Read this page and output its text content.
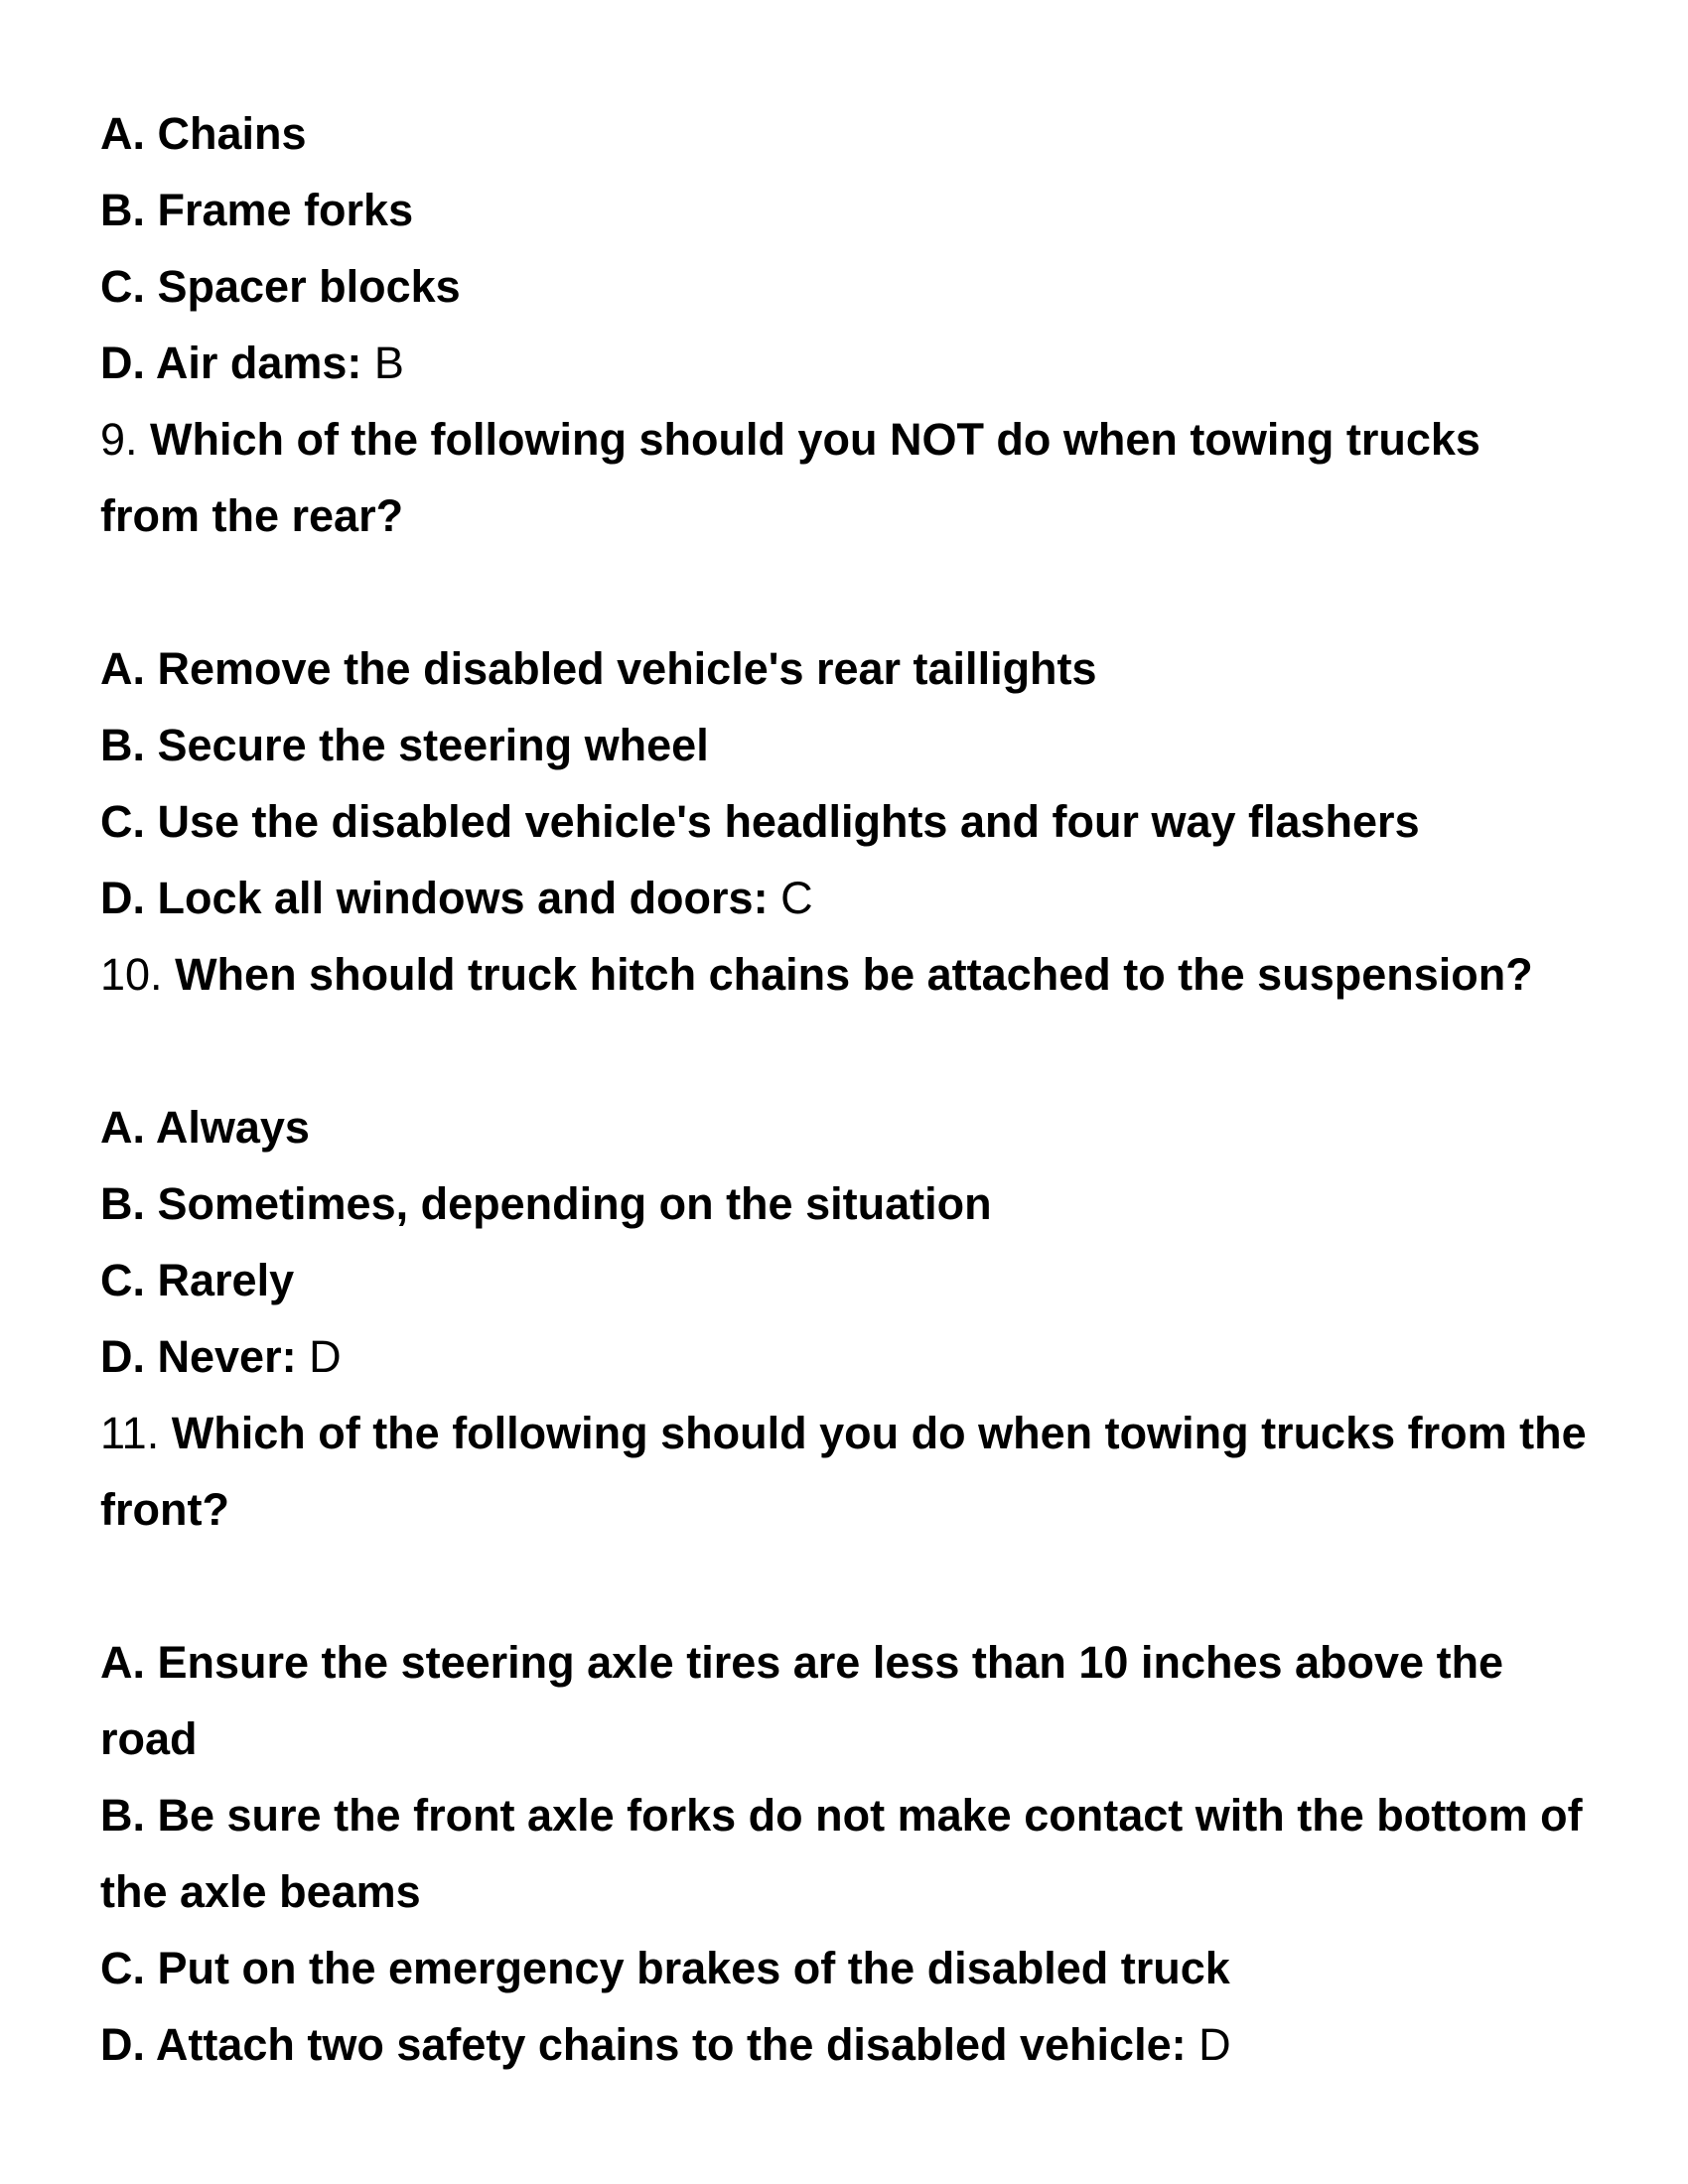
A. Chains

B. Frame forks

C. Spacer blocks

D. Air dams: B

9. Which of the following should you NOT do when towing trucks from the rear?

A. Remove the disabled vehicle's rear taillights

B. Secure the steering wheel

C. Use the disabled vehicle's headlights and four way flashers

D. Lock all windows and doors: C

10. When should truck hitch chains be attached to the suspension?

A. Always

B. Sometimes, depending on the situation

C. Rarely

D. Never: D

11. Which of the following should you do when towing trucks from the front?

A. Ensure the steering axle tires are less than 10 inches above the road

B. Be sure the front axle forks do not make contact with the bottom of the axle beams

C. Put on the emergency brakes of the disabled truck

D. Attach two safety chains to the disabled vehicle: D
